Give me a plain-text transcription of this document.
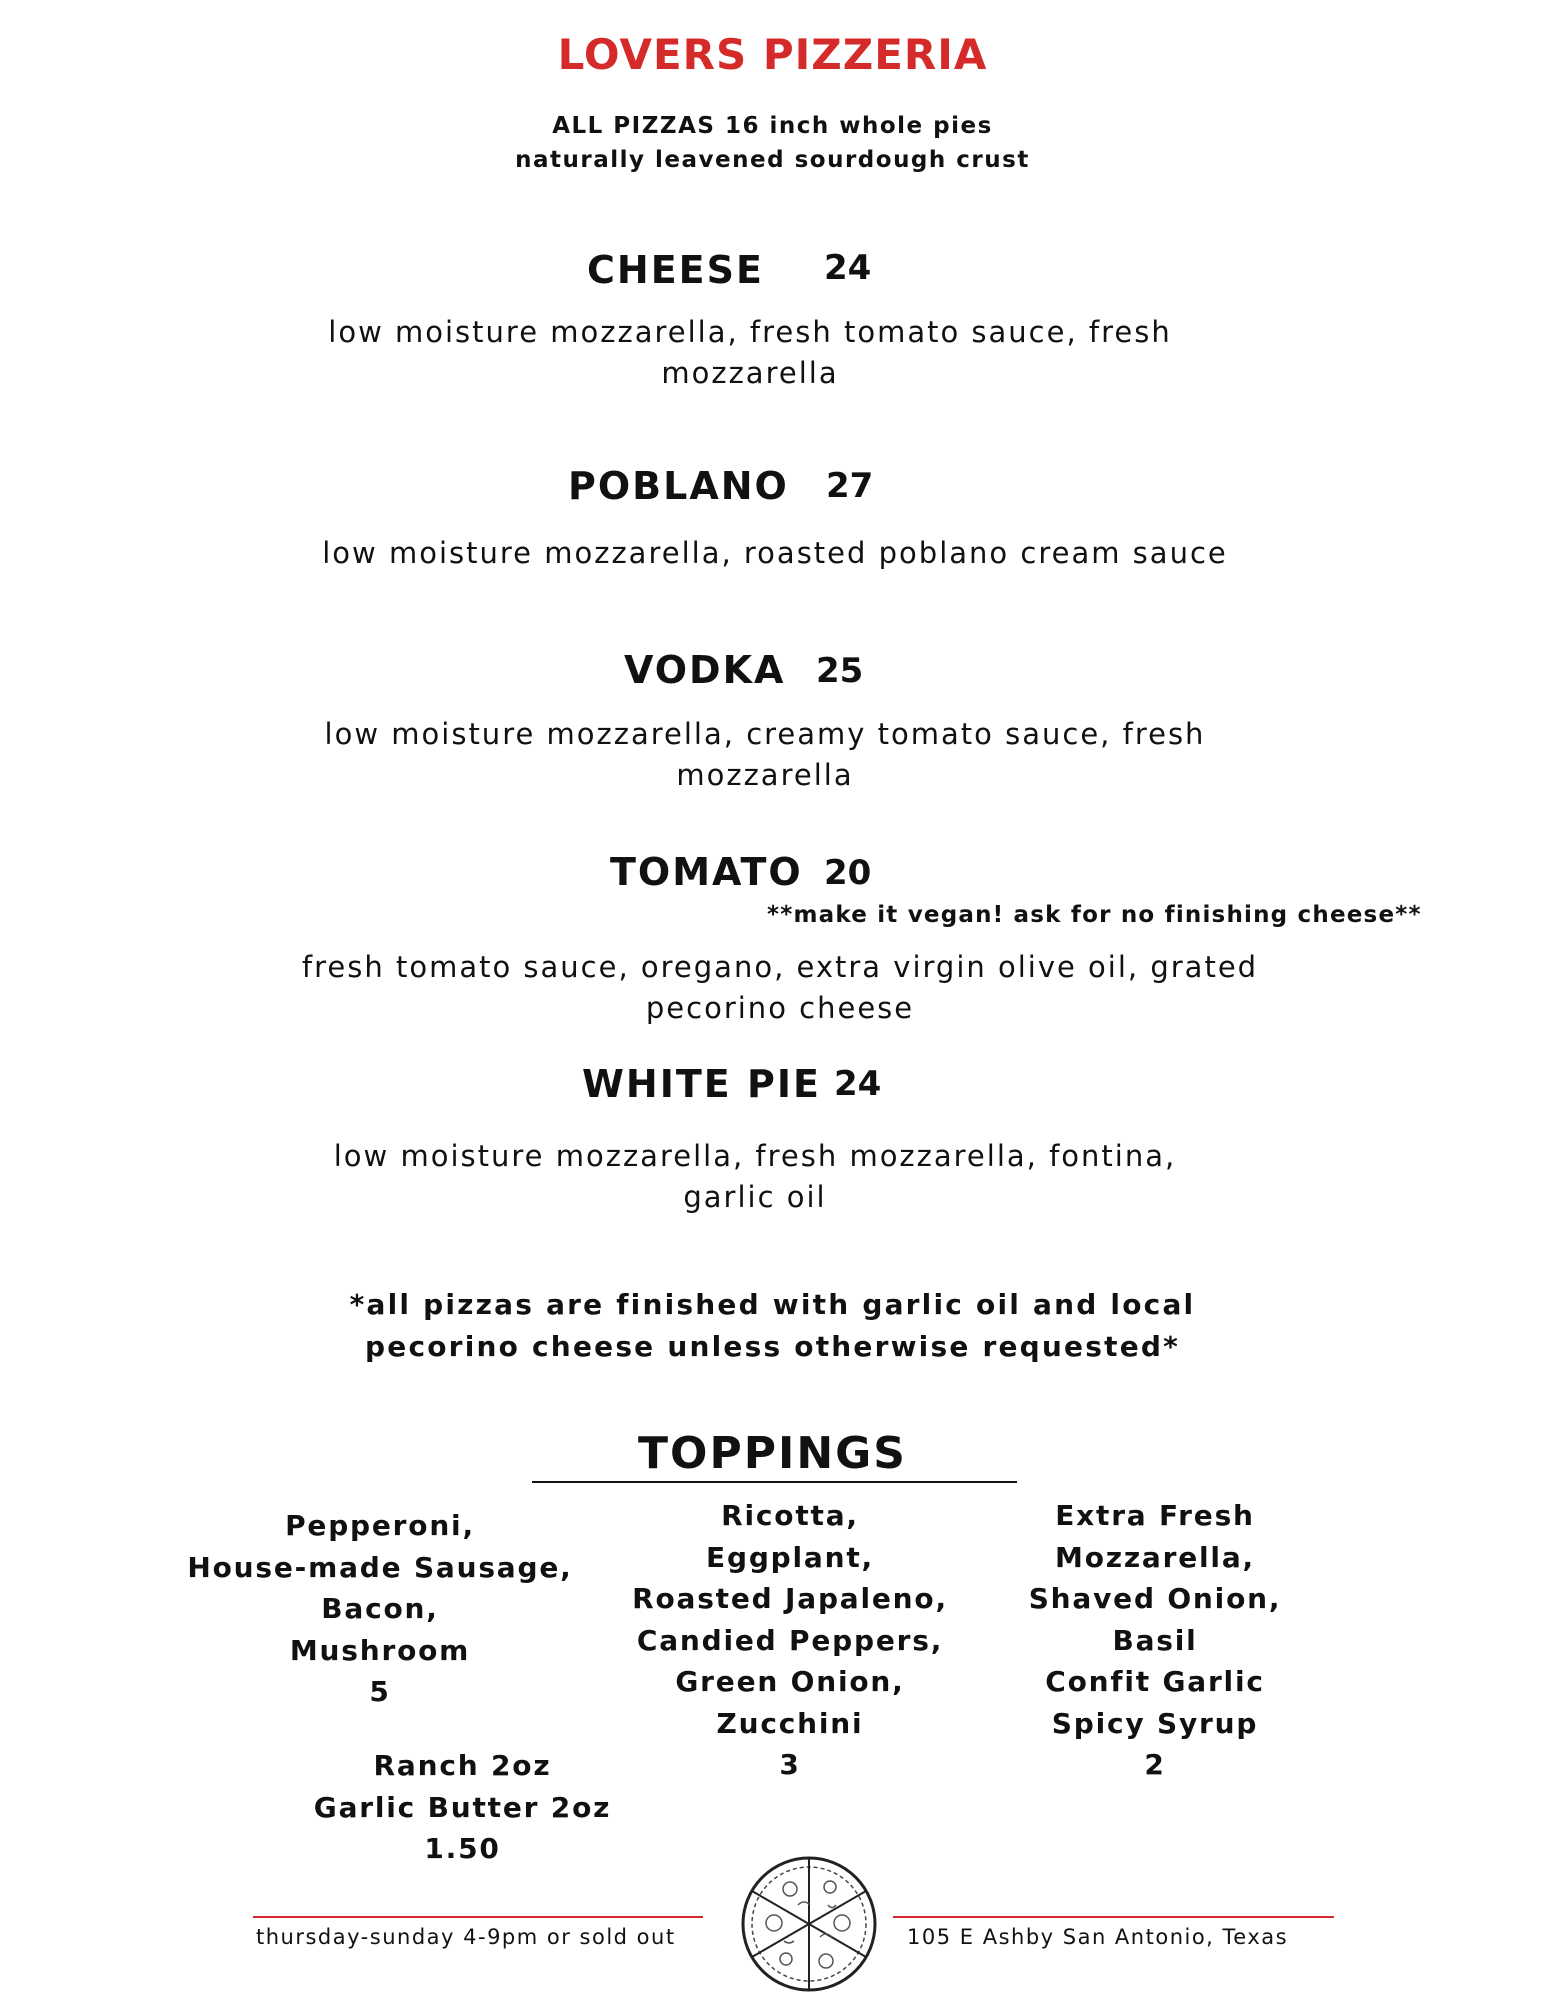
LOVERS PIZZERIA
ALL PIZZAS 16 inch whole pies
naturally leavened sourdough crust
CHEESE 24
low moisture mozzarella, fresh tomato sauce, fresh
mozzarella
POBLANO 27
low moisture mozzarella, roasted poblano cream sauce
VODKA 25
low moisture mozzarella, creamy tomato sauce, fresh
mozzarella
TOMATO 20
**make it vegan! ask for no finishing cheese**
fresh tomato sauce, oregano, extra virgin olive oil, grated
pecorino cheese
WHITE PIE 24
low moisture mozzarella, fresh mozzarella, fontina,
garlic oil
*all pizzas are finished with garlic oil and local
pecorino cheese unless otherwise requested*
TOPPINGS
Pepperoni,
House-made Sausage,
Bacon,
Mushroom
5
Ranch 2oz
Garlic Butter 2oz
1.50
Ricotta,
Eggplant,
Roasted Japaleno,
Candied Peppers,
Green Onion,
Zucchini
3
Extra Fresh
Mozzarella,
Shaved Onion,
Basil
Confit Garlic
Spicy Syrup
2
thursday-sunday 4-9pm or sold out	105 E Ashby San Antonio, Texas
